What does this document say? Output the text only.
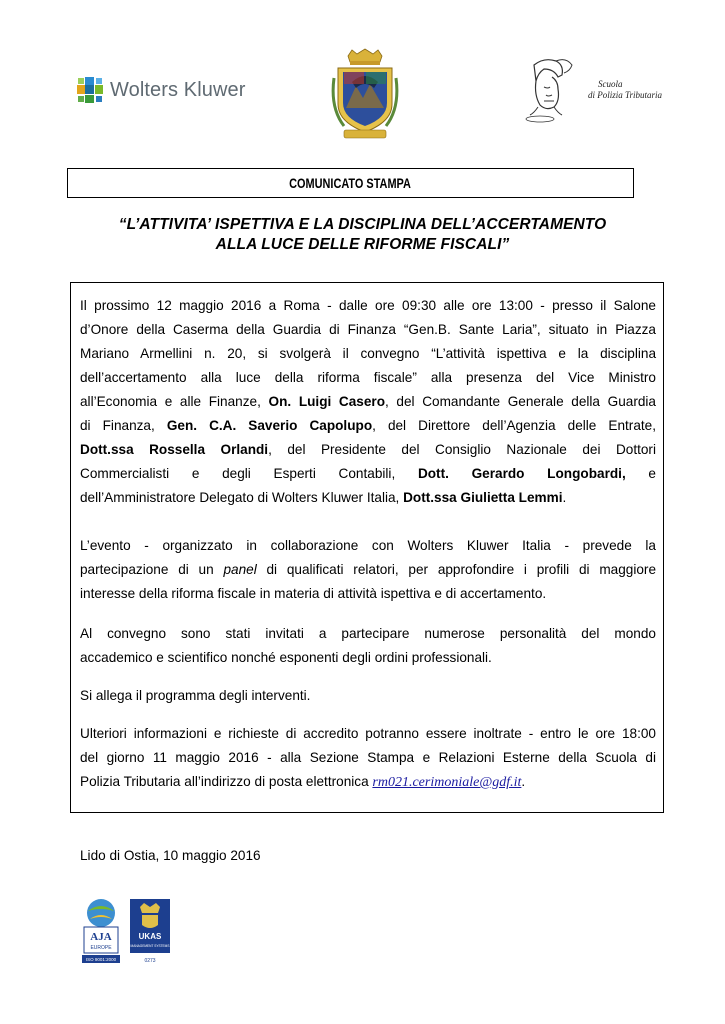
Wolters Kluwer	Scuola
di Polizia Tributaria
COMUNICATO STAMPA
“L’ATTIVITA’ ISPETTIVA E LA DISCIPLINA DELL’ACCERTAMENTO
ALLA LUCE DELLE RIFORME FISCALI”
Il prossimo 12 maggio 2016 a Roma - dalle ore 09:30 alle ore 13:00 - presso il Salone
d’Onore della Caserma della Guardia di Finanza “Gen.B. Sante Laria”, situato in Piazza
Mariano Armellini n. 20, si svolgerà il convegno “L’attività ispettiva e la disciplina
dell’accertamento alla luce della riforma fiscale” alla presenza del Vice Ministro
all’Economia e alle Finanze, On. Luigi Casero, del Comandante Generale della Guardia
di Finanza, Gen. C.A. Saverio Capolupo, del Direttore dell’Agenzia delle Entrate,
Dott.ssa Rossella Orlandi, del Presidente del Consiglio Nazionale dei Dottori
Commercialisti e degli Esperti Contabili, Dott. Gerardo Longobardi, e
dell’Amministratore Delegato di Wolters Kluwer Italia, Dott.ssa Giulietta Lemmi.
L’evento - organizzato in collaborazione con Wolters Kluwer Italia - prevede la
partecipazione di un panel di qualificati relatori, per approfondire i profili di maggiore
interesse della riforma fiscale in materia di attività ispettiva e di accertamento.
Al convegno sono stati invitati a partecipare numerose personalità del mondo
accademico e scientifico nonché esponenti degli ordini professionali.
Si allega il programma degli interventi.
Ulteriori informazioni e richieste di accredito potranno essere inoltrate - entro le ore 18:00
del giorno 11 maggio 2016 - alla Sezione Stampa e Relazioni Esterne della Scuola di
Polizia Tributaria all’indirizzo di posta elettronica rm021.cerimoniale@gdf.it.
Lido di Ostia, 10 maggio 2016
AJA
EUROPE
ISO 9001:2000
UKAS
MANAGEMENT SYSTEMS
0273
